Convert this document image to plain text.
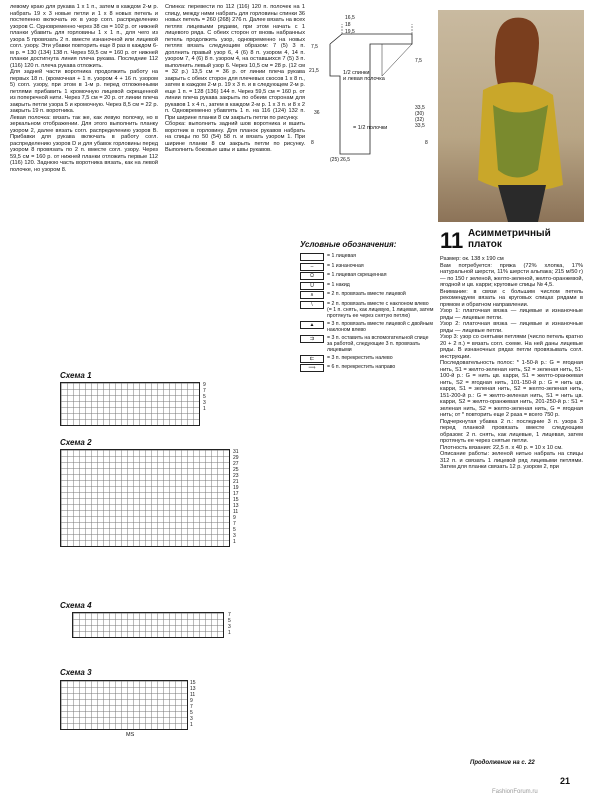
левому краю для рукава 1 x 1 п., затем в каждом 2-м р. набрать 19 x 3 новые петли и 1 x 8 новых петель и постепенно включать их в узор согл. распределению узоров С. Одновременно через 38 см = 102 р. от нижней планки убавить для горловины 1 x 1 п., для чего из узора 5 провязать 2 п. вместе изнаночной или лицевой согл. узору. Эти убавки повторить еще 8 раз в каждом 6-м р. = 130 (134) 138 п. Через 59,5 см = 160 р. от нижней планки достигнута линия плеча рукава. Последние 112 (116) 120 п. плеча рукава отложить.

Для задней части воротника продолжить работу на первых 18 п. (кромочная + 1 п. узором 4 + 16 п. узором 5) согл. узору, при этом в 1-м р. перед отложенными петлями прибавить 1 кромочную лицевой скрещенной из поперечной нити. Через 7,5 см = 20 р. от линии плеча закрыть петли узора 5 и кромочную. Через 8,5 см = 22 р. закрыть 19 п. воротника.

Левая полочка: вязать так же, как левую полочку, но в зеркальном отображении. Для этого выполнить планку узором 2, далее вязать согл. распределению узоров В. Прибавки для рукава включать в работу согл. распределению узоров D и для убавок горловины перед узором 8 провязать по 2 п. вместе согл. узору. Через 59,5 см = 160 р. от нижней планки отложить первые 112 (116) 120. Заднюю часть воротника вязать, как на левой полочке, но узором 8.

Спинка: перевести по 112 (116) 120 п. полочек на 1 спицу, между ними набрать для горловины спинки 36 новых петель = 260 (268) 276 п. Далее вязать на всех петлях лицевыми рядами, при этом начать с 1 лицевого ряда. С обеих сторон от вновь набранных петель продолжить узор, одновременно на новых петлях вязать следующим образом: 7 (5) 3 п. доплнить правый узор 6, 4 (6) 8 п. узором 4, 14 п. узором 7, 4 (6) 8 п. узором 4, на оставшихся 7 (5) 3 п. выполнить левый узор 6. Через 10,5 см = 28 р. (12 см = 32 р.) 13,5 см = 36 р. от линии плеча рукава закрыть с обеих сторон для плечевых скосов 1 x 8 п., затем в каждом 2-м р. 19 x 3 п. и в следующем 2-м р. еще 1 п. = 128 (136) 144 п. Через 59,5 см = 160 р. от линии плеча рукава закрыть по обеим сторонам для рукавов 1 x 4 п., затем в каждом 2-м р. 1 x 3 п. и 8 x 2 п. Одновременно убавлять 1 п. на 116 (124) 132 п. При ширине планки 8 см закрыть петли по рисунку.

Сборка: выполнить задний шов воротника и вшить воротник в горловину. Для планок рукавов набрать на спицы по 50 (54) 58 п. и вязать узором 1. При ширине планки 8 см закрыть петли по рисунку. Выполнить боковые швы и швы рукавов.

1/2 спинки
и левая полочка
= 1/2 полочки
16,5
18
19,5
7,5
21,5
36
8	8
33,5
(30)
(32)
33,5
(25) 26,5
7,5
11 Асимметричный платок

Размер: ок. 138 x 190 см

Вам потребуется: пряжа (72% хлопка, 17% натуральной шерсти, 11% шерсти альпака; 215 м/50 г) — по 150 г зеленой, желто-зеленой, желто-оранжевой, ягодной и цв. карри; круговые спицы № 4,5.

Внимание: в связи с большим числом петель рекомендуем вязать на круговых спицах рядами в прямом и обратном направлении.

Узор 1: платочная вязка — лицевые и изнаночные ряды — лицевые петли.

Узор 2: платочная вязка — лицевые и изнаночные ряды — лицевые петли.

Узор 3: узор со снятыми петлями (число петель кратно 20 + 2 п.) = вязать согл. схеме. На ней даны лицевые ряды. В изнаночных рядах петли провязывать согл. инструкции.

Последовательность полос: * 1-50-й р.: G = ягодная нить, S1 = желто-зеленая нить, S2 = зеленая нить, 51-100-й р.: G = нить цв. карри, S1 = желто-оранжевая нить, S2 = ягодная нить, 101-150-й р.: G = нить цв. карри, S1 = зеленая нить, S2 = желто-зеленая нить, 151-200-й р.: G = желто-зеленая нить, S1 = нить цв. карри, S2 = желто-оранжевая нить, 201-250-й р.: S1 = зеленая нить, S2 = желто-зеленая нить, G = ягодная нить; от * повторить еще 2 раза = всего 750 р.

Подчеркнутая убавка 2 п.: последние 3 п. узора 3 перед планкой провязать вместе следующим образом: 2 п. снять, как лицевые, 1 лицевая, затем протянуть ее через снятые петли.

Плотность вязания: 22,5 п. x 40 р. = 10 x 10 см.

Описание работы: зеленой нитью набрать на спицы 312 п. и связать 1 лицевой ряд лицевыми петлями. Затем для планки связать 12 р. узором 2, при

Условные обозначения:
= 1 лицевая
–	= 1 изнаночная
Ω	= 1 лицевая скрещенная
U	= 1 накид
∧	= 2 п. провязать вместе лицевой
\	= 2 п. провязать вместе с наклоном влево (= 1 п. снять, как лицевую, 1 лицевая, затем протянуть ее через снятую петлю)
▲	= 3 п. провязать вместе лицевой с двойным наклоном влево
⇉	= 3 п. оставить на вспомогательной спице за работой, следующие 3 п. провязать лицевыми
⇇	= 3 п. перекрестить налево
⟹	= 6 п. перекрестить направо
Схема 1
9
7
5
3
1
Схема 2
31
29
27
25
23
21
19
17
15
13
11
9
7
5
3
1
Схема 4
7
5
3
1
Схема 3
15
13
11
9
7
5
3
1
MS
Продолжение на с. 22
21
FashionForum.ru
